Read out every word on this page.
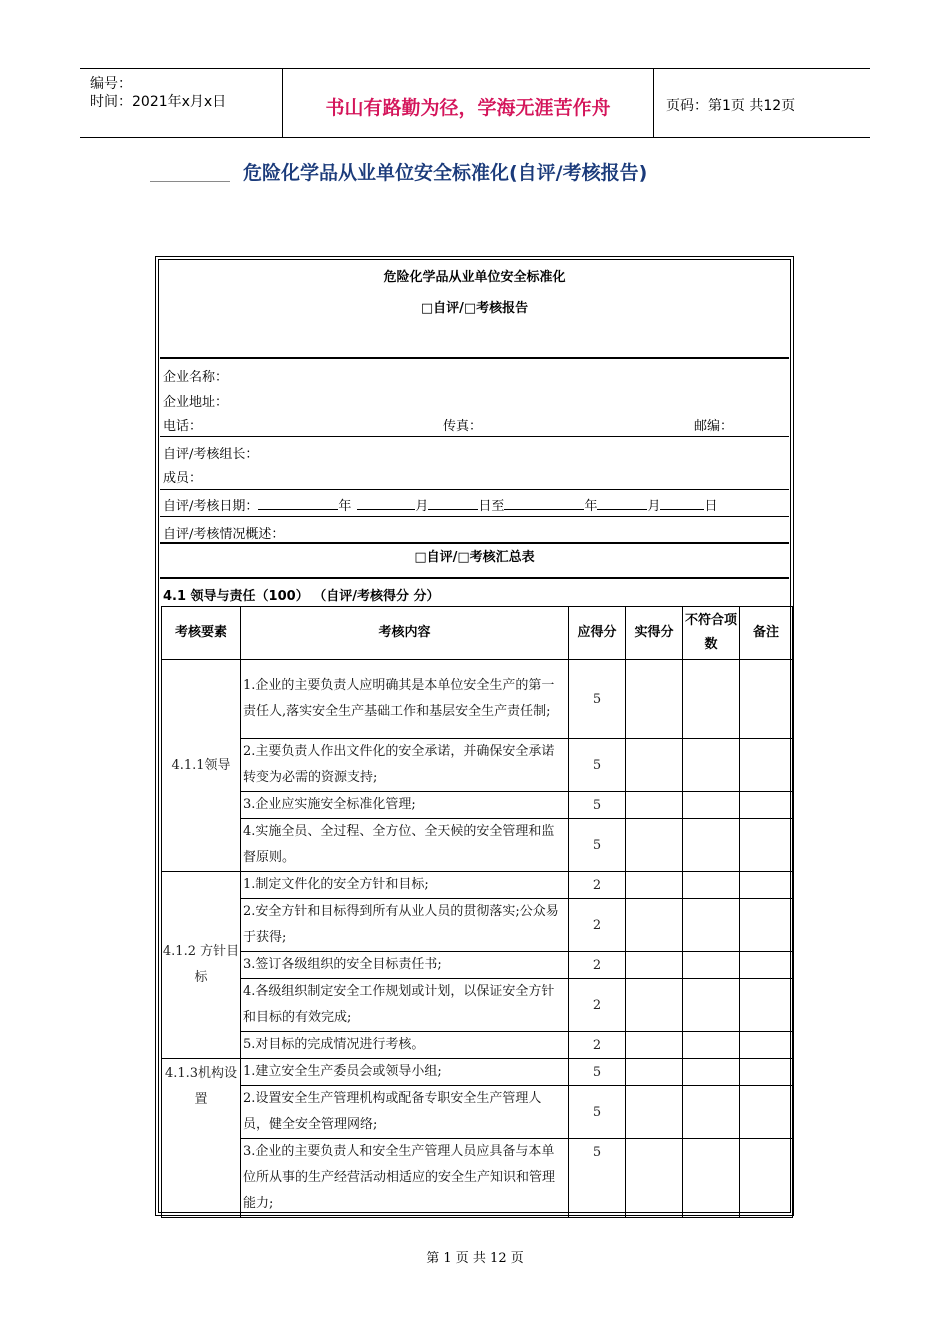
编号：
时间：2021年x月x日	书山有路勤为径，学海无涯苦作舟	页码：第1页 共12页
危险化学品从业单位安全标准化(自评/考核报告)
危险化学品从业单位安全标准化
□自评/□考核报告
企业名称：
企业地址：
电话：	传真：	邮编：
自评/考核组长：
成员：
自评/考核日期：	年	月	日至	年	月	日
自评/考核情况概述：
□自评/□考核汇总表
4.1 领导与责任（100） （自评/考核得分 分）
考核要素	考核内容	应得分	实得分	不符合项数	备注
4.1.1领导	1.企业的主要负责人应明确其是本单位安全生产的第一责任人,落实安全生产基础工作和基层安全生产责任制;	5			
	2.主要负责人作出文件化的安全承诺，并确保安全承诺转变为必需的资源支持;	5			
	3.企业应实施安全标准化管理;	5			
	4.实施全员、全过程、全方位、全天候的安全管理和监督原则。	5			
4.1.2 方针目标	1.制定文件化的安全方针和目标;	2			
	2.安全方针和目标得到所有从业人员的贯彻落实;公众易于获得;	2			
	3.签订各级组织的安全目标责任书;	2			
	4.各级组织制定安全工作规划或计划，以保证安全方针和目标的有效完成;	2			
	5.对目标的完成情况进行考核。	2			
4.1.3机构设置	1.建立安全生产委员会或领导小组;	5			
	2.设置安全生产管理机构或配备专职安全生产管理人员，健全安全管理网络;	5			
	3.企业的主要负责人和安全生产管理人员应具备与本单位所从事的生产经营活动相适应的安全生产知识和管理能力;	5			
第 1 页 共 12 页
